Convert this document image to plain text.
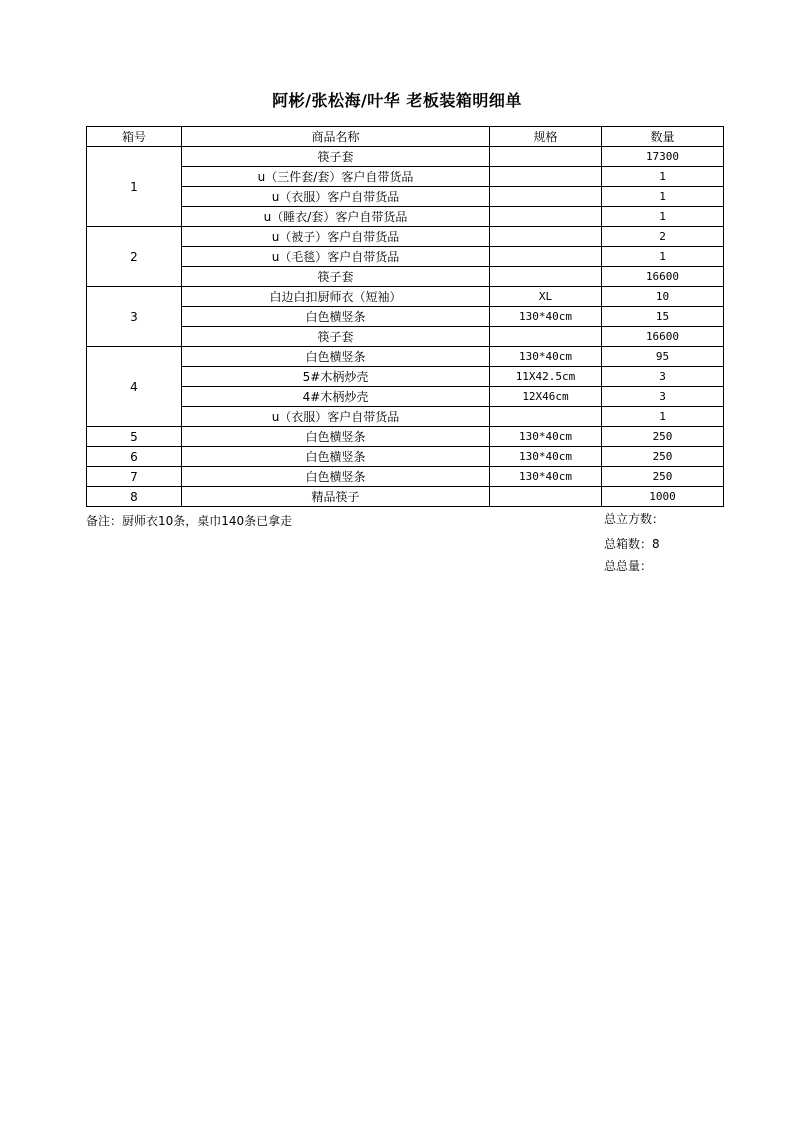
阿彬/张松海/叶华 老板装箱明细单
箱号	商品名称	规格	数量
1	筷子套		17300
	u（三件套/套）客户自带货品		1
	u（衣服）客户自带货品		1
	u（睡衣/套）客户自带货品		1
2	u（被子）客户自带货品		2
	u（毛毯）客户自带货品		1
	筷子套		16600
3	白边白扣厨师衣（短袖）	XL	10
	白色横竖条	130*40cm	15
	筷子套		16600
4	白色横竖条	130*40cm	95
	5#木柄炒壳	11X42.5cm	3
	4#木柄炒壳	12X46cm	3
	u（衣服）客户自带货品		1
5	白色横竖条	130*40cm	250
6	白色横竖条	130*40cm	250
7	白色横竖条	130*40cm	250
8	精品筷子		1000
备注：厨师衣10条，桌巾140条已拿走	总立方数：
总箱数：8
总总量：
